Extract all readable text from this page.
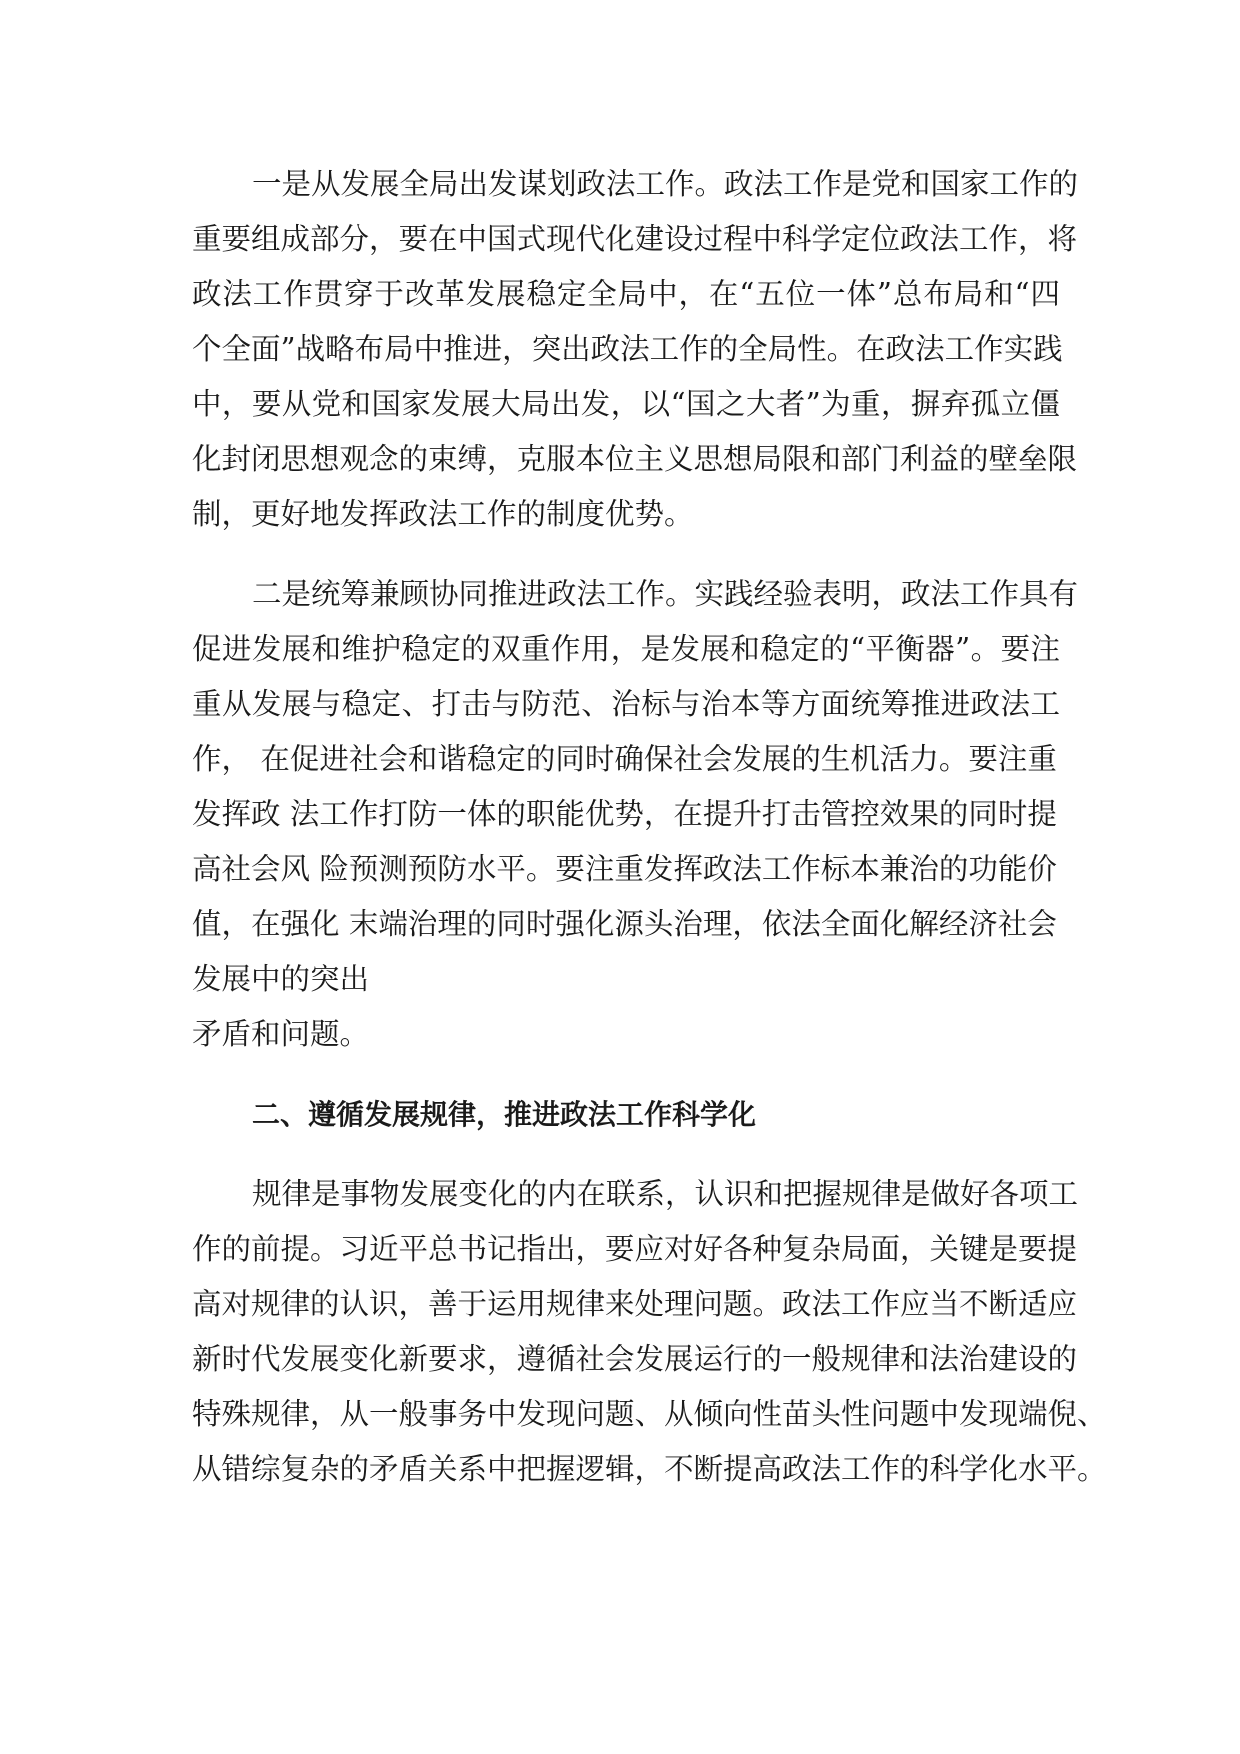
一是从发展全局出发谋划政法工作。政法工作是党和国家工作的
重要组成部分，要在中国式现代化建设过程中科学定位政法工作，将
政法工作贯穿于改革发展稳定全局中，在“五位一体”总布局和“四
个全面”战略布局中推进，突出政法工作的全局性。在政法工作实践
中，要从党和国家发展大局出发，以“国之大者”为重，摒弃孤立僵
化封闭思想观念的束缚，克服本位主义思想局限和部门利益的壁垒限
制，更好地发挥政法工作的制度优势。
二是统筹兼顾协同推进政法工作。实践经验表明，政法工作具有
促进发展和维护稳定的双重作用，是发展和稳定的“平衡器”。要注
重从发展与稳定、打击与防范、治标与治本等方面统筹推进政法工
作， 在促进社会和谐稳定的同时确保社会发展的生机活力。要注重
发挥政 法工作打防一体的职能优势，在提升打击管控效果的同时提
高社会风 险预测预防水平。要注重发挥政法工作标本兼治的功能价
值，在强化 末端治理的同时强化源头治理，依法全面化解经济社会
发展中的突出
矛盾和问题。
二、遵循发展规律，推进政法工作科学化
规律是事物发展变化的内在联系，认识和把握规律是做好各项工
作的前提。习近平总书记指出，要应对好各种复杂局面，关键是要提
高对规律的认识，善于运用规律来处理问题。政法工作应当不断适应
新时代发展变化新要求，遵循社会发展运行的一般规律和法治建设的
特殊规律，从一般事务中发现问题、从倾向性苗头性问题中发现端倪、
从错综复杂的矛盾关系中把握逻辑，不断提高政法工作的科学化水平。
